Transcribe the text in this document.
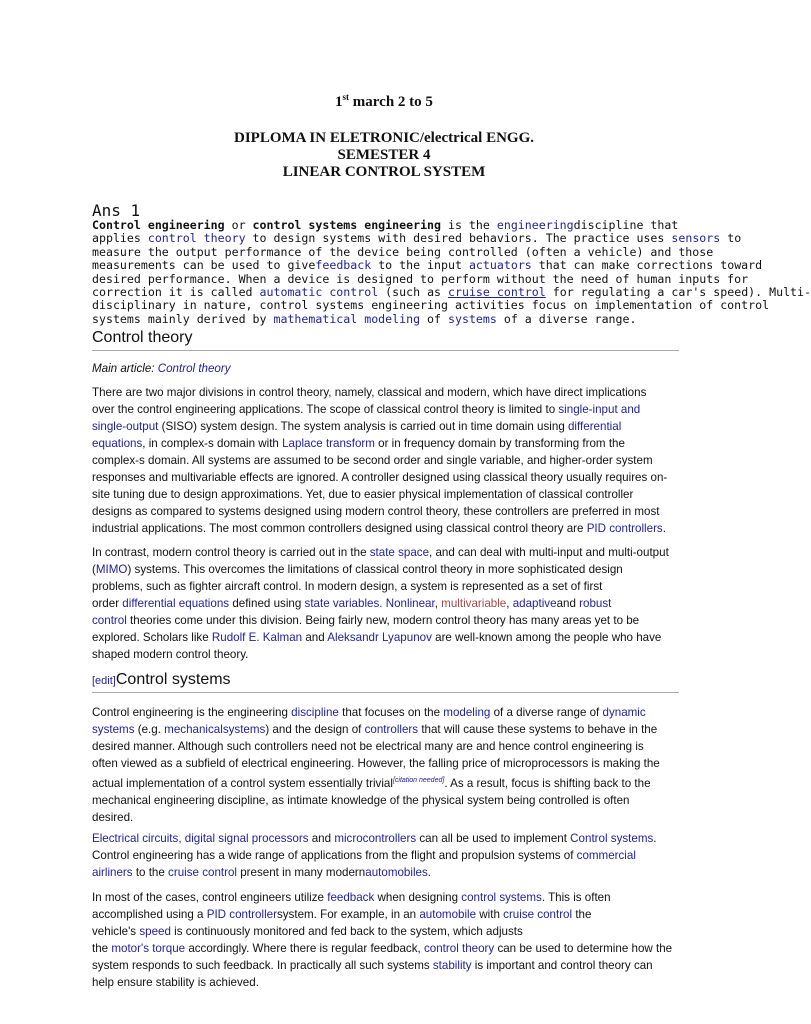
1st march 2 to 5
DIPLOMA IN ELETRONIC/electrical ENGG.
SEMESTER 4
LINEAR CONTROL SYSTEM
Ans 1
Control engineering or control systems engineering is the engineeringdiscipline that
applies control theory to design systems with desired behaviors. The practice uses sensors to
measure the output performance of the device being controlled (often a vehicle) and those
measurements can be used to givefeedback to the input actuators that can make corrections toward
desired performance. When a device is designed to perform without the need of human inputs for
correction it is called automatic control (such as cruise control for regulating a car's speed). Multi-
disciplinary in nature, control systems engineering activities focus on implementation of control
systems mainly derived by mathematical modeling of systems of a diverse range.
Control theory
Main article: Control theory
There are two major divisions in control theory, namely, classical and modern, which have direct implications
over the control engineering applications. The scope of classical control theory is limited to single-input and
single-output (SISO) system design. The system analysis is carried out in time domain using differential
equations, in complex-s domain with Laplace transform or in frequency domain by transforming from the
complex-s domain. All systems are assumed to be second order and single variable, and higher-order system
responses and multivariable effects are ignored. A controller designed using classical theory usually requires on-
site tuning due to design approximations. Yet, due to easier physical implementation of classical controller
designs as compared to systems designed using modern control theory, these controllers are preferred in most
industrial applications. The most common controllers designed using classical control theory are PID controllers.
In contrast, modern control theory is carried out in the state space, and can deal with multi-input and multi-output
(MIMO) systems. This overcomes the limitations of classical control theory in more sophisticated design
problems, such as fighter aircraft control. In modern design, a system is represented as a set of first
order differential equations defined using state variables. Nonlinear, multivariable, adaptiveand robust
control theories come under this division. Being fairly new, modern control theory has many areas yet to be
explored. Scholars like Rudolf E. Kalman and Aleksandr Lyapunov are well-known among the people who have
shaped modern control theory.
[edit]Control systems
Control engineering is the engineering discipline that focuses on the modeling of a diverse range of dynamic
systems (e.g. mechanicalsystems) and the design of controllers that will cause these systems to behave in the
desired manner. Although such controllers need not be electrical many are and hence control engineering is
often viewed as a subfield of electrical engineering. However, the falling price of microprocessors is making the
actual implementation of a control system essentially trivial[citation needed]. As a result, focus is shifting back to the
mechanical engineering discipline, as intimate knowledge of the physical system being controlled is often
desired.
Electrical circuits, digital signal processors and microcontrollers can all be used to implement Control systems.
Control engineering has a wide range of applications from the flight and propulsion systems of commercial
airliners to the cruise control present in many modernautomobiles.
In most of the cases, control engineers utilize feedback when designing control systems. This is often
accomplished using a PID controllersystem. For example, in an automobile with cruise control the
vehicle's speed is continuously monitored and fed back to the system, which adjusts
the motor's torque accordingly. Where there is regular feedback, control theory can be used to determine how the
system responds to such feedback. In practically all such systems stability is important and control theory can
help ensure stability is achieved.
